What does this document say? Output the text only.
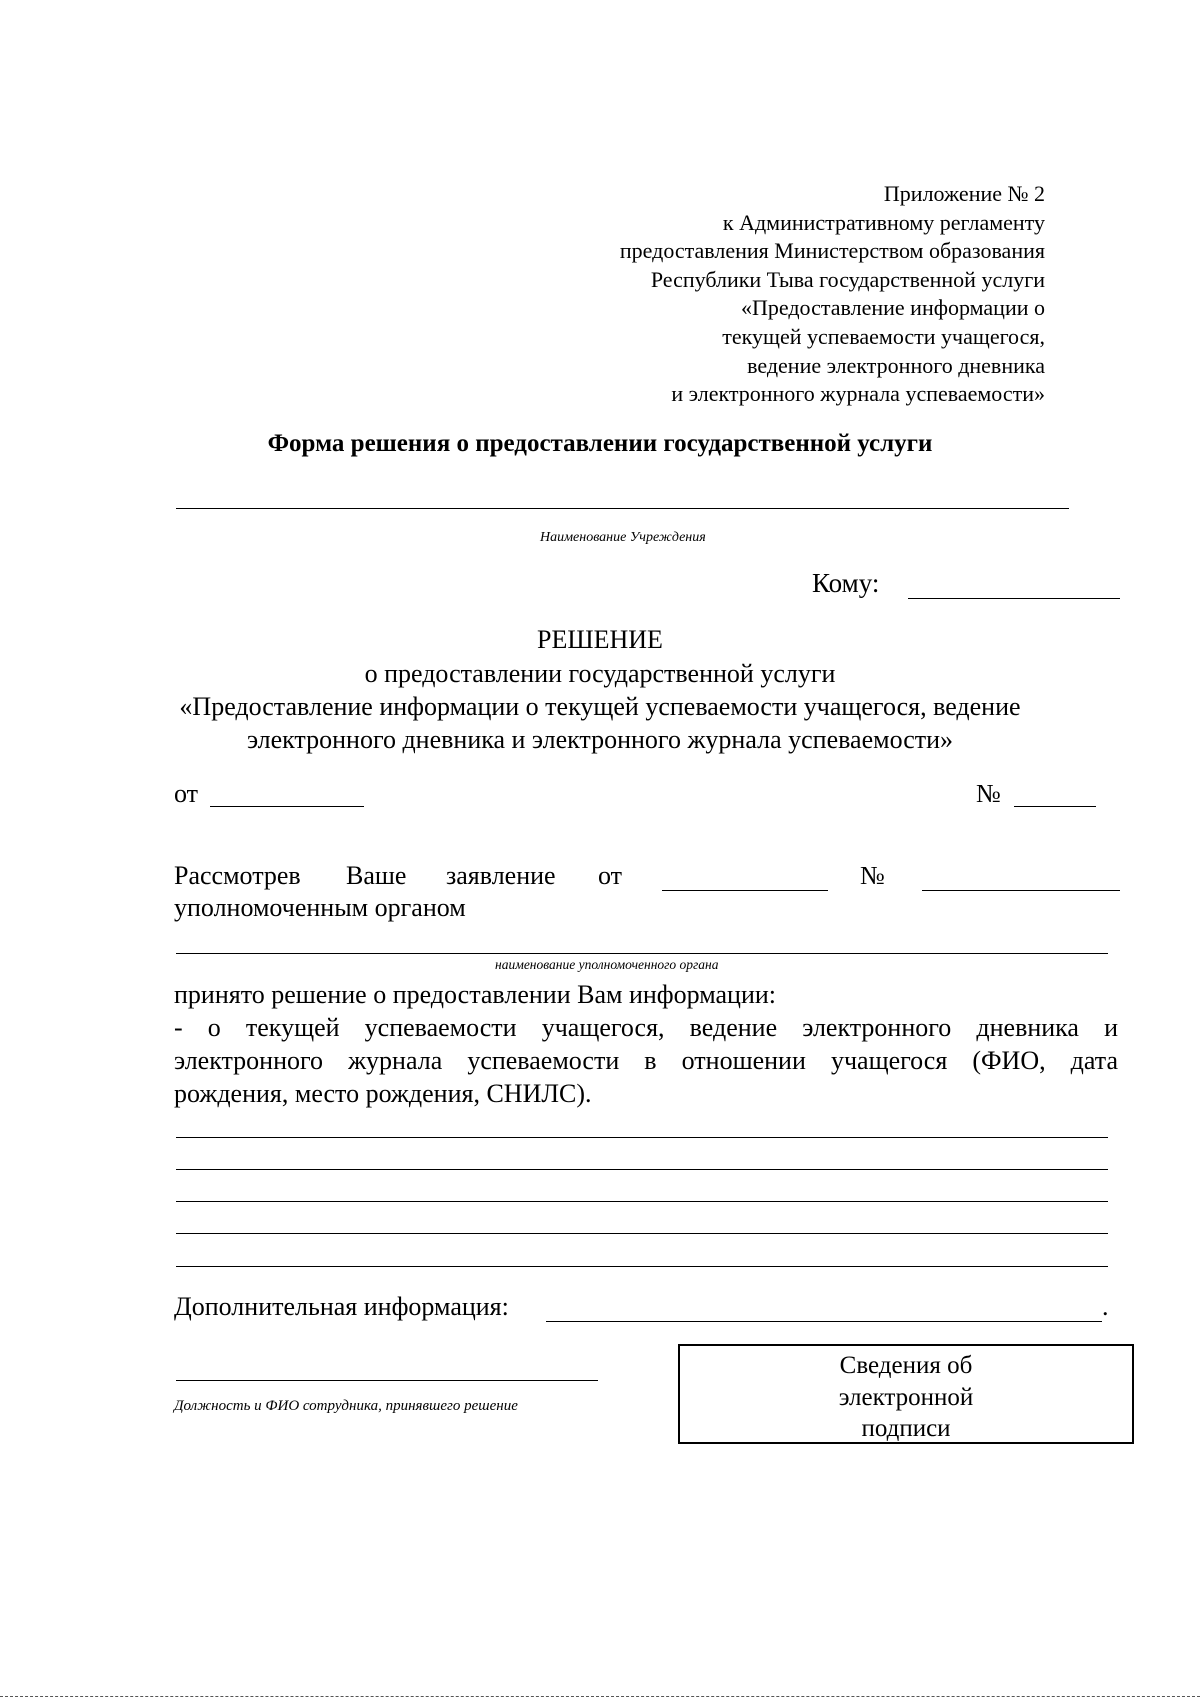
Приложение № 2
к Административному регламенту
предоставления Министерством образования
Республики Тыва государственной услуги
«Предоставление информации о
текущей успеваемости учащегося,
ведение электронного дневника
и электронного журнала успеваемости»
Форма решения о предоставлении государственной услуги
Наименование Учреждения
Кому:
РЕШЕНИЕ
о предоставлении государственной услуги
«Предоставление информации о текущей успеваемости учащегося, ведение
электронного дневника и электронного журнала успеваемости»
от	№
Рассмотрев Ваше заявление от	№
уполномоченным органом
наименование уполномоченного органа
принято решение о предоставлении Вам информации:
- о текущей успеваемости учащегося, ведение электронного дневника и
электронного журнала успеваемости в отношении учащегося (ФИО, дата
рождения, место рождения, СНИЛС).
Дополнительная информация:	.
Должность и ФИО сотрудника, принявшего решение
Сведения об
электронной
подписи
